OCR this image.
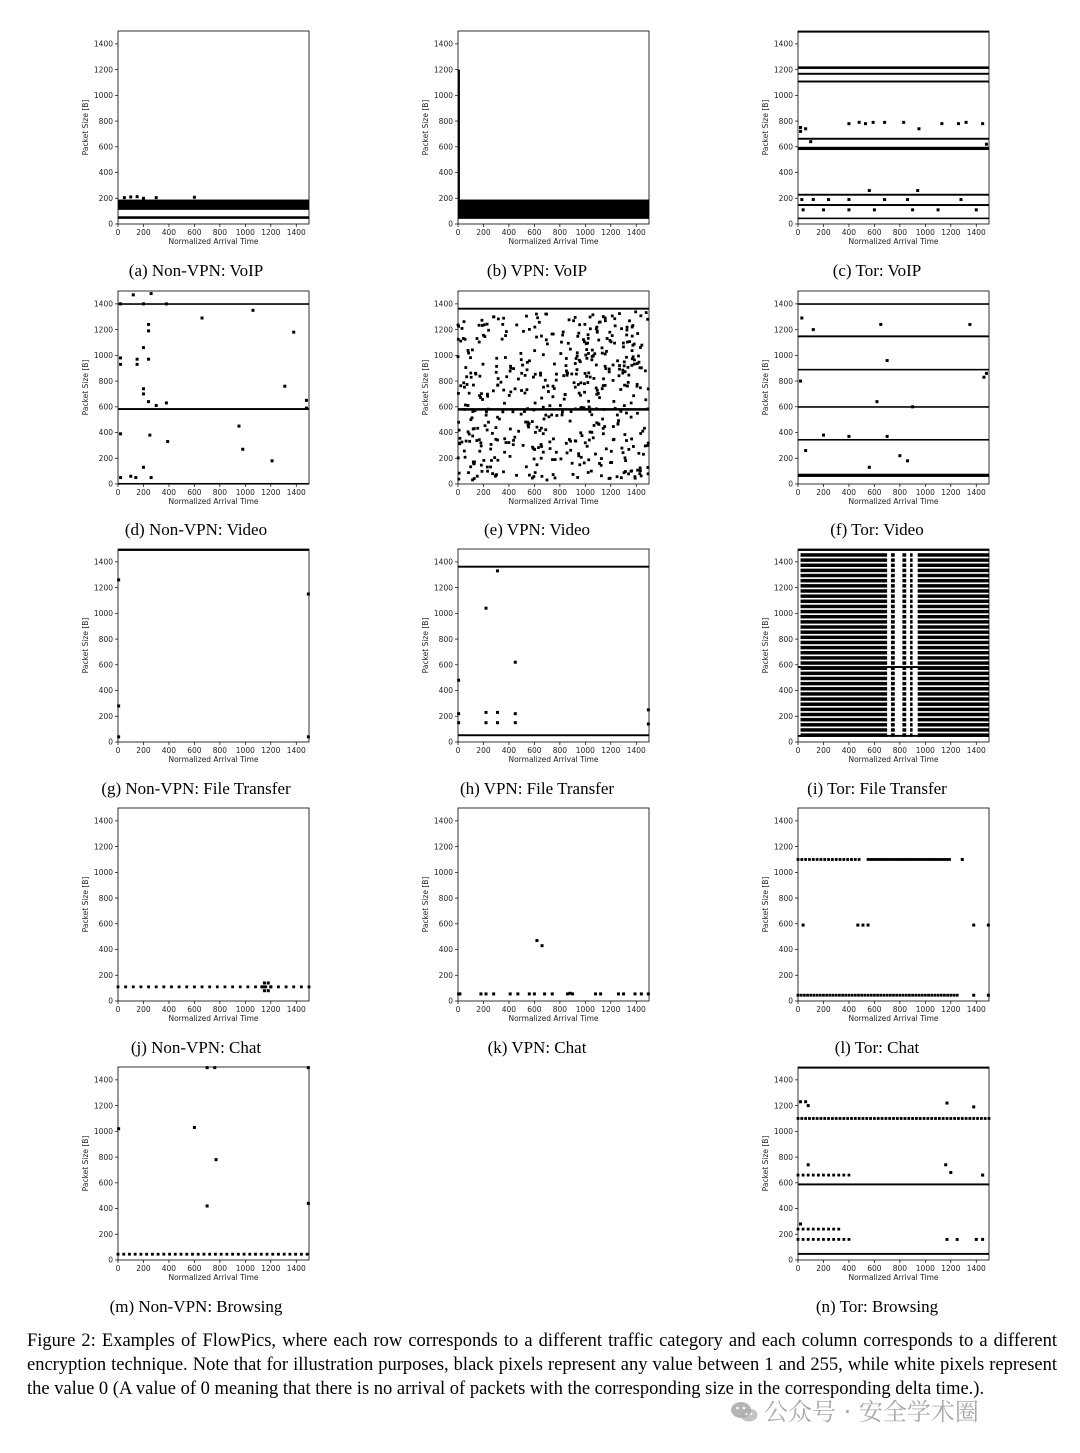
0 200 400 600 800 1000 1200 1400
0
200
400
600
800
1000
1200
1400
Normalized Arrival Time
Packet Size [B]
0 200 400 600 800 1000 1200 1400
0
200
400
600
800
1000
1200
1400
Normalized Arrival Time
Packet Size [B]
0 200 400 600 800 1000 1200 1400
0
200
400
600
800
1000
1200
1400
Normalized Arrival Time
Packet Size [B]
0 200 400 600 800 1000 1200 1400
0
200
400
600
800
1000
1200
1400
Normalized Arrival Time
Packet Size [B]
0 200 400 600 800 1000 1200 1400
0
200
400
600
800
1000
1200
1400
Normalized Arrival Time
Packet Size [B]
0 200 400 600 800 1000 1200 1400
0
200
400
600
800
1000
1200
1400
Normalized Arrival Time
Packet Size [B]
0 200 400 600 800 1000 1200 1400
0
200
400
600
800
1000
1200
1400
Normalized Arrival Time
Packet Size [B]
0 200 400 600 800 1000 1200 1400
0
200
400
600
800
1000
1200
1400
Normalized Arrival Time
Packet Size [B]
0 200 400 600 800 1000 1200 1400
0
200
400
600
800
1000
1200
1400
Normalized Arrival Time
Packet Size [B]
0 200 400 600 800 1000 1200 1400
0
200
400
600
800
1000
1200
1400
Normalized Arrival Time
Packet Size [B]
0 200 400 600 800 1000 1200 1400
0
200
400
600
800
1000
1200
1400
Normalized Arrival Time
Packet Size [B]
0 200 400 600 800 1000 1200 1400
0
200
400
600
800
1000
1200
1400
Normalized Arrival Time
Packet Size [B]
0 200 400 600 800 1000 1200 1400
0
200
400
600
800
1000
1200
1400
Normalized Arrival Time
Packet Size [B]
0 200 400 600 800 1000 1200 1400
0
200
400
600
800
1000
1200
1400
Normalized Arrival Time
Packet Size [B]
(a) Non-VPN: VoIP	(b) VPN: VoIP	(c) Tor: VoIP
(d) Non-VPN: Video	(e) VPN: Video	(f) Tor: Video
(g) Non-VPN: File Transfer	(h) VPN: File Transfer	(i) Tor: File Transfer
(j) Non-VPN: Chat	(k) VPN: Chat	(l) Tor: Chat
(m) Non-VPN: Browsing	(n) Tor: Browsing
Figure 2: Examples of FlowPics, where each row corresponds to a different traffic category and each column corresponds to a different encryption technique. Note that for illustration purposes, black pixels represent any value between 1 and 255, while white pixels represent the value 0 (A value of 0 meaning that there is no arrival of packets with the corresponding size in the corresponding delta time.).
公众号 · 安全学术圈
